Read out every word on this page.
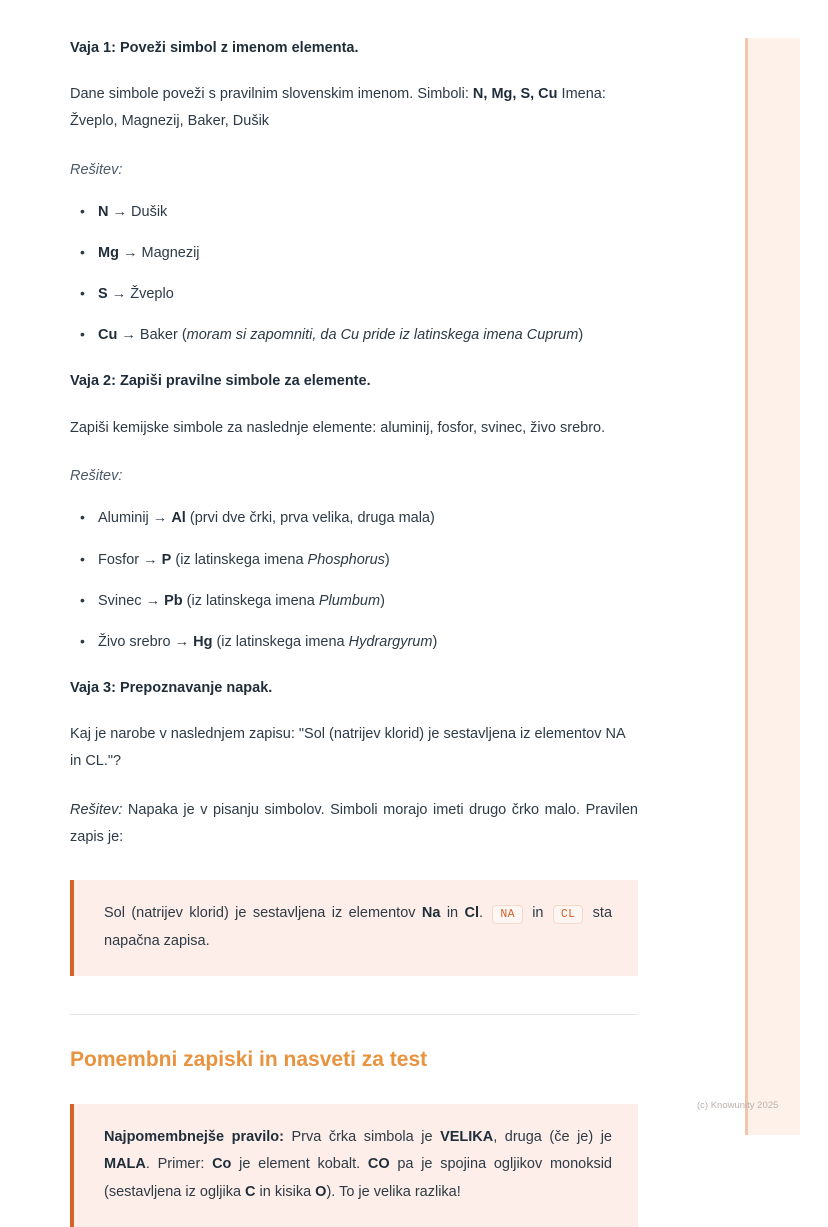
Vaja 1: Poveži simbol z imenom elementa.

Dane simbole poveži s pravilnim slovenskim imenom. Simboli: N, Mg, S, Cu Imena: Žveplo, Magnezij, Baker, Dušik

Rešitev:

• N → Dušik
• Mg → Magnezij
• S → Žveplo
• Cu → Baker (moram si zapomniti, da Cu pride iz latinskega imena Cuprum)
Vaja 2: Zapiši pravilne simbole za elemente.

Zapiši kemijske simbole za naslednje elemente: aluminij, fosfor, svinec, živo srebro.

Rešitev:

• Aluminij → Al (prvi dve črki, prva velika, druga mala)
• Fosfor → P (iz latinskega imena Phosphorus)
• Svinec → Pb (iz latinskega imena Plumbum)
• Živo srebro → Hg (iz latinskega imena Hydrargyrum)
Vaja 3: Prepoznavanje napak.

Kaj je narobe v naslednjem zapisu: "Sol (natrijev klorid) je sestavljena iz elementov NA in CL."?

Rešitev: Napaka je v pisanju simbolov. Simboli morajo imeti drugo črko malo. Pravilen zapis je:

Sol (natrijev klorid) je sestavljena iz elementov Na in Cl. NA in CL sta napačna zapisa.

Pomembni zapiski in nasveti za test

Najpomembnejše pravilo: Prva črka simbola je VELIKA, druga (če je) je MALA. Primer: Co je element kobalt. CO pa je spojina ogljikov monoksid (sestavljena iz ogljika C in kisika O). To je velika razlika!

(c) Knowunity 2025
